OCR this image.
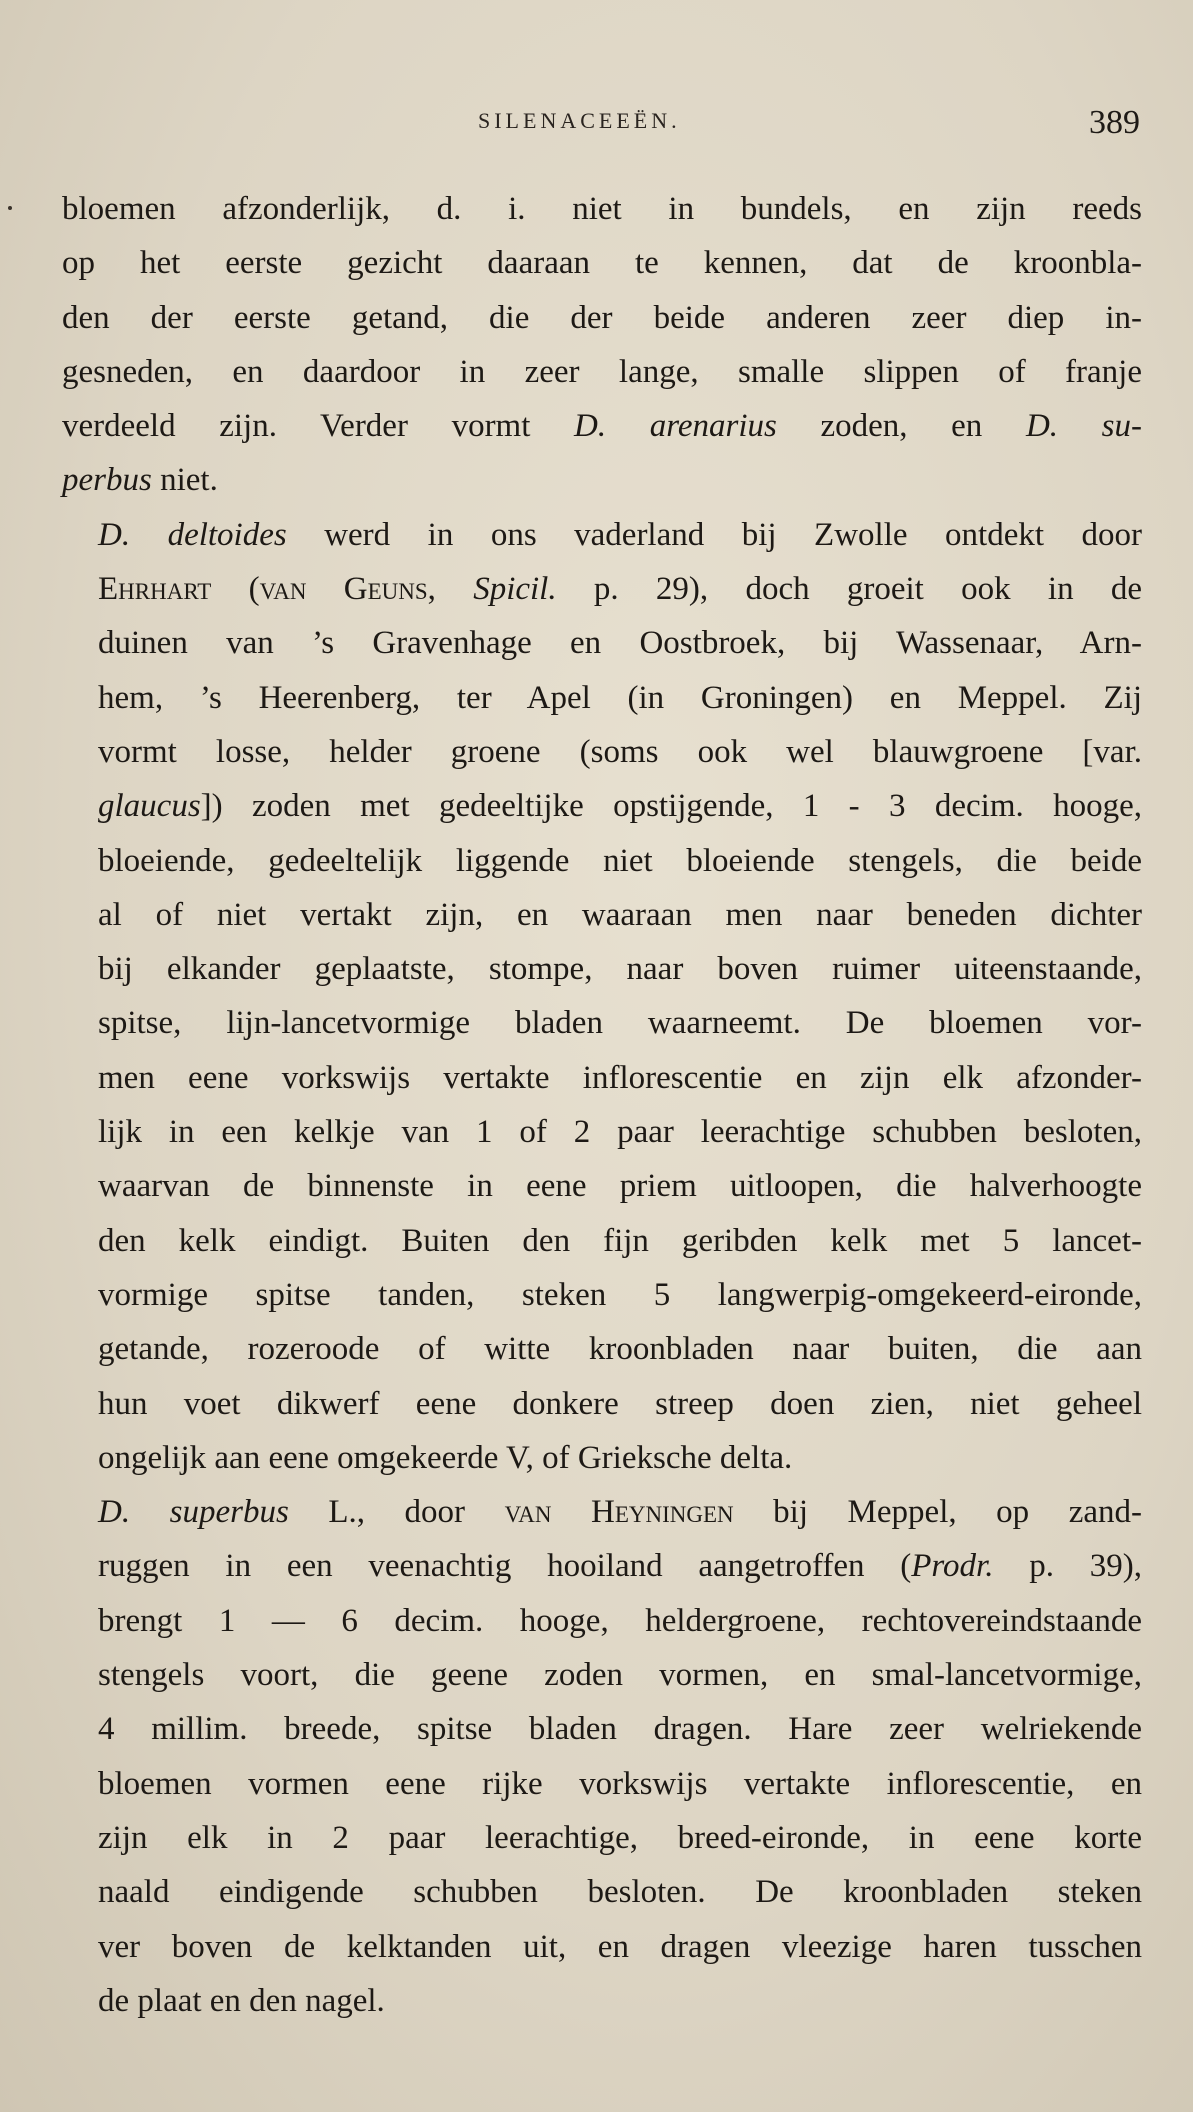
SILENACEEËN.	389
bloemen afzonderlijk, d. i. niet in bundels, en zijn reeds
op het eerste gezicht daaraan te kennen, dat de kroonbla-
den der eerste getand, die der beide anderen zeer diep in-
gesneden, en daardoor in zeer lange, smalle slippen of franje
verdeeld zijn. Verder vormt D. arenarius zoden, en D. su-
perbus niet.
D. deltoides werd in ons vaderland bij Zwolle ontdekt door
Ehrhart (van Geuns, Spicil. p. 29), doch groeit ook in de
duinen van ’s Gravenhage en Oostbroek, bij Wassenaar, Arn-
hem, ’s Heerenberg, ter Apel (in Groningen) en Meppel. Zij
vormt losse, helder groene (soms ook wel blauwgroene [var.
glaucus]) zoden met gedeeltijke opstijgende, 1 - 3 decim. hooge,
bloeiende, gedeeltelijk liggende niet bloeiende stengels, die beide
al of niet vertakt zijn, en waaraan men naar beneden dichter
bij elkander geplaatste, stompe, naar boven ruimer uiteenstaande,
spitse, lijn-lancetvormige bladen waarneemt. De bloemen vor-
men eene vorkswijs vertakte inflorescentie en zijn elk afzonder-
lijk in een kelkje van 1 of 2 paar leerachtige schubben besloten,
waarvan de binnenste in eene priem uitloopen, die halverhoogte
den kelk eindigt. Buiten den fijn geribden kelk met 5 lancet-
vormige spitse tanden, steken 5 langwerpig-omgekeerd-eironde,
getande, rozeroode of witte kroonbladen naar buiten, die aan
hun voet dikwerf eene donkere streep doen zien, niet geheel
ongelijk aan eene omgekeerde V, of Grieksche delta.
D. superbus L., door van Heyningen bij Meppel, op zand-
ruggen in een veenachtig hooiland aangetroffen (Prodr. p. 39),
brengt 1 — 6 decim. hooge, heldergroene, rechtovereindstaande
stengels voort, die geene zoden vormen, en smal-lancetvormige,
4 millim. breede, spitse bladen dragen. Hare zeer welriekende
bloemen vormen eene rijke vorkswijs vertakte inflorescentie, en
zijn elk in 2 paar leerachtige, breed-eironde, in eene korte
naald eindigende schubben besloten. De kroonbladen steken
ver boven de kelktanden uit, en dragen vleezige haren tusschen
de plaat en den nagel.
